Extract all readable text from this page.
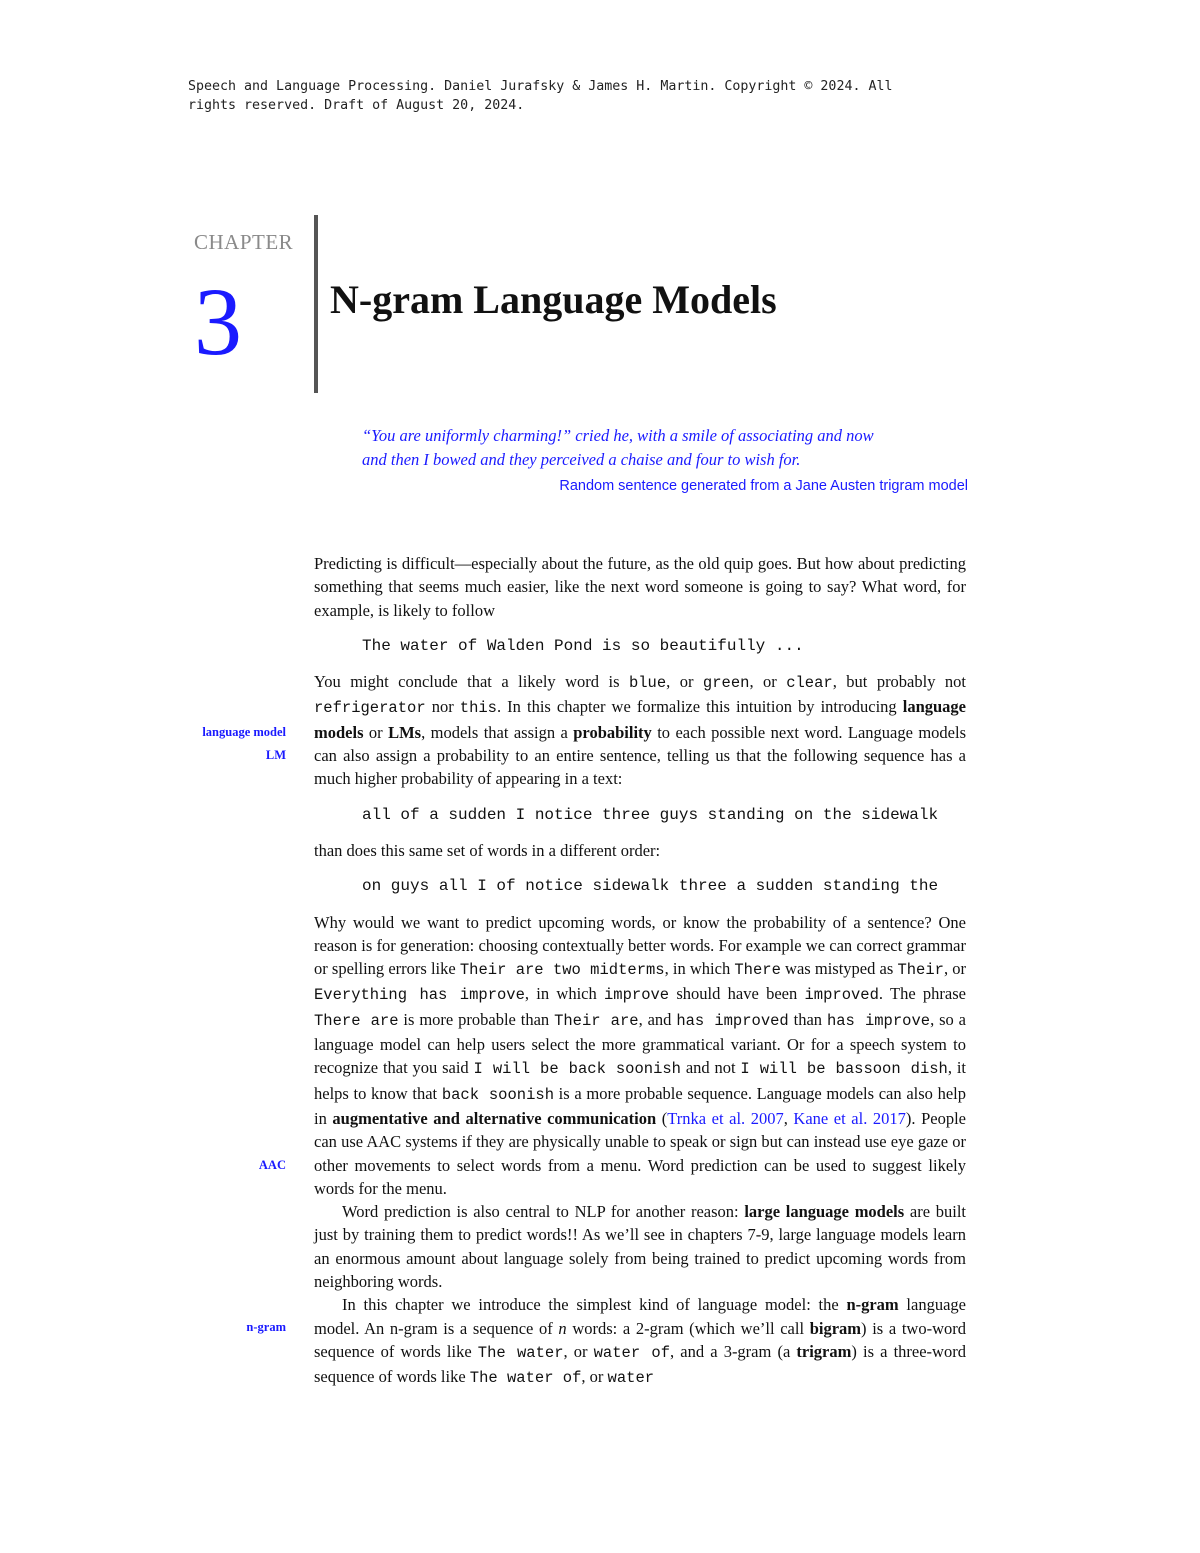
Speech and Language Processing. Daniel Jurafsky & James H. Martin. Copyright © 2024. All
rights reserved. Draft of August 20, 2024.
CHAPTER
3 N-gram Language Models
“You are uniformly charming!” cried he, with a smile of associating and now
and then I bowed and they perceived a chaise and four to wish for.
Random sentence generated from a Jane Austen trigram model
language model
LM
AAC
n-gram

Predicting is difficult—especially about the future, as the old quip goes. But how about predicting something that seems much easier, like the next word someone is going to say? What word, for example, is likely to follow

The water of Walden Pond is so beautifully ...

You might conclude that a likely word is blue, or green, or clear, but probably not refrigerator nor this. In this chapter we formalize this intuition by introducing language models or LMs, models that assign a probability to each possible next word. Language models can also assign a probability to an entire sentence, telling us that the following sequence has a much higher probability of appearing in a text:

all of a sudden I notice three guys standing on the sidewalk

than does this same set of words in a different order:

on guys all I of notice sidewalk three a sudden standing the

Why would we want to predict upcoming words, or know the probability of a sentence? One reason is for generation: choosing contextually better words. For example we can correct grammar or spelling errors like Their are two midterms, in which There was mistyped as Their, or Everything has improve, in which improve should have been improved. The phrase There are is more probable than Their are, and has improved than has improve, so a language model can help users select the more grammatical variant. Or for a speech system to recognize that you said I will be back soonish and not I will be bassoon dish, it helps to know that back soonish is a more probable sequence. Language models can also help in augmentative and alternative communication (Trnka et al. 2007, Kane et al. 2017). People can use AAC systems if they are physically unable to speak or sign but can instead use eye gaze or other movements to select words from a menu. Word prediction can be used to suggest likely words for the menu.

Word prediction is also central to NLP for another reason: large language models are built just by training them to predict words!! As we’ll see in chapters 7-9, large language models learn an enormous amount about language solely from being trained to predict upcoming words from neighboring words.

In this chapter we introduce the simplest kind of language model: the n-gram language model. An n-gram is a sequence of n words: a 2-gram (which we’ll call bigram) is a two-word sequence of words like The water, or water of, and a 3-gram (a trigram) is a three-word sequence of words like The water of, or water
